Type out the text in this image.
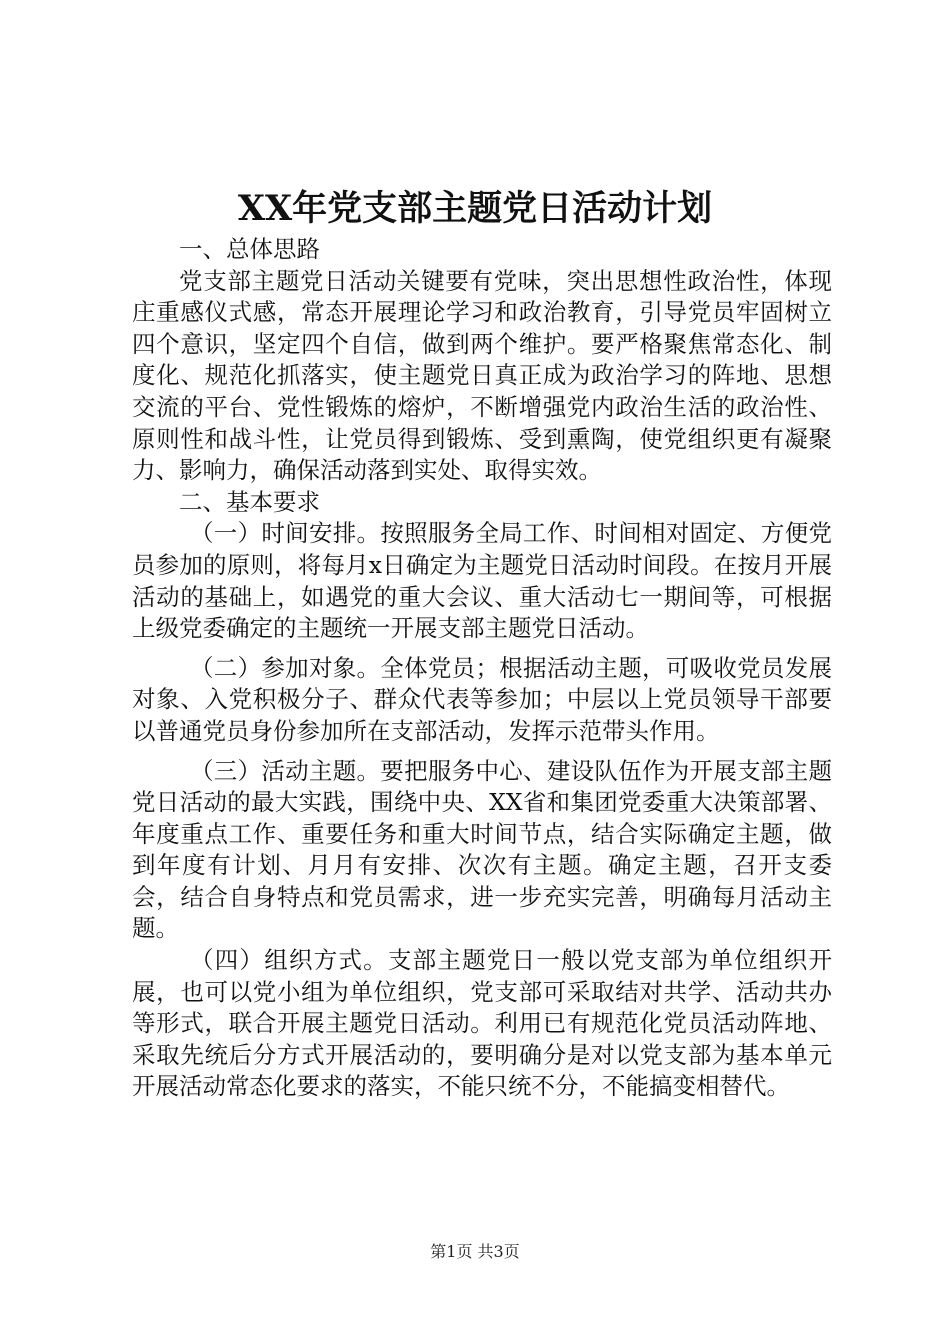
XX年党支部主题党日活动计划

一、总体思路

党支部主题党日活动关键要有党味，突出思想性政治性，体现庄重感仪式感，常态开展理论学习和政治教育，引导党员牢固树立四个意识，坚定四个自信，做到两个维护。要严格聚焦常态化、制度化、规范化抓落实，使主题党日真正成为政治学习的阵地、思想交流的平台、党性锻炼的熔炉，不断增强党内政治生活的政治性、原则性和战斗性，让党员得到锻炼、受到熏陶，使党组织更有凝聚力、影响力，确保活动落到实处、取得实效。

二、基本要求

（一）时间安排。按照服务全局工作、时间相对固定、方便党员参加的原则，将每月x日确定为主题党日活动时间段。在按月开展活动的基础上，如遇党的重大会议、重大活动七一期间等，可根据上级党委确定的主题统一开展支部主题党日活动。

（二）参加对象。全体党员；根据活动主题，可吸收党员发展对象、入党积极分子、群众代表等参加；中层以上党员领导干部要以普通党员身份参加所在支部活动，发挥示范带头作用。

（三）活动主题。要把服务中心、建设队伍作为开展支部主题党日活动的最大实践，围绕中央、XX省和集团党委重大决策部署、年度重点工作、重要任务和重大时间节点，结合实际确定主题，做到年度有计划、月月有安排、次次有主题。确定主题，召开支委会，结合自身特点和党员需求，进一步充实完善，明确每月活动主题。

（四）组织方式。支部主题党日一般以党支部为单位组织开展，也可以党小组为单位组织，党支部可采取结对共学、活动共办等形式，联合开展主题党日活动。利用已有规范化党员活动阵地、采取先统后分方式开展活动的，要明确分是对以党支部为基本单元开展活动常态化要求的落实，不能只统不分，不能搞变相替代。

第1页 共3页
